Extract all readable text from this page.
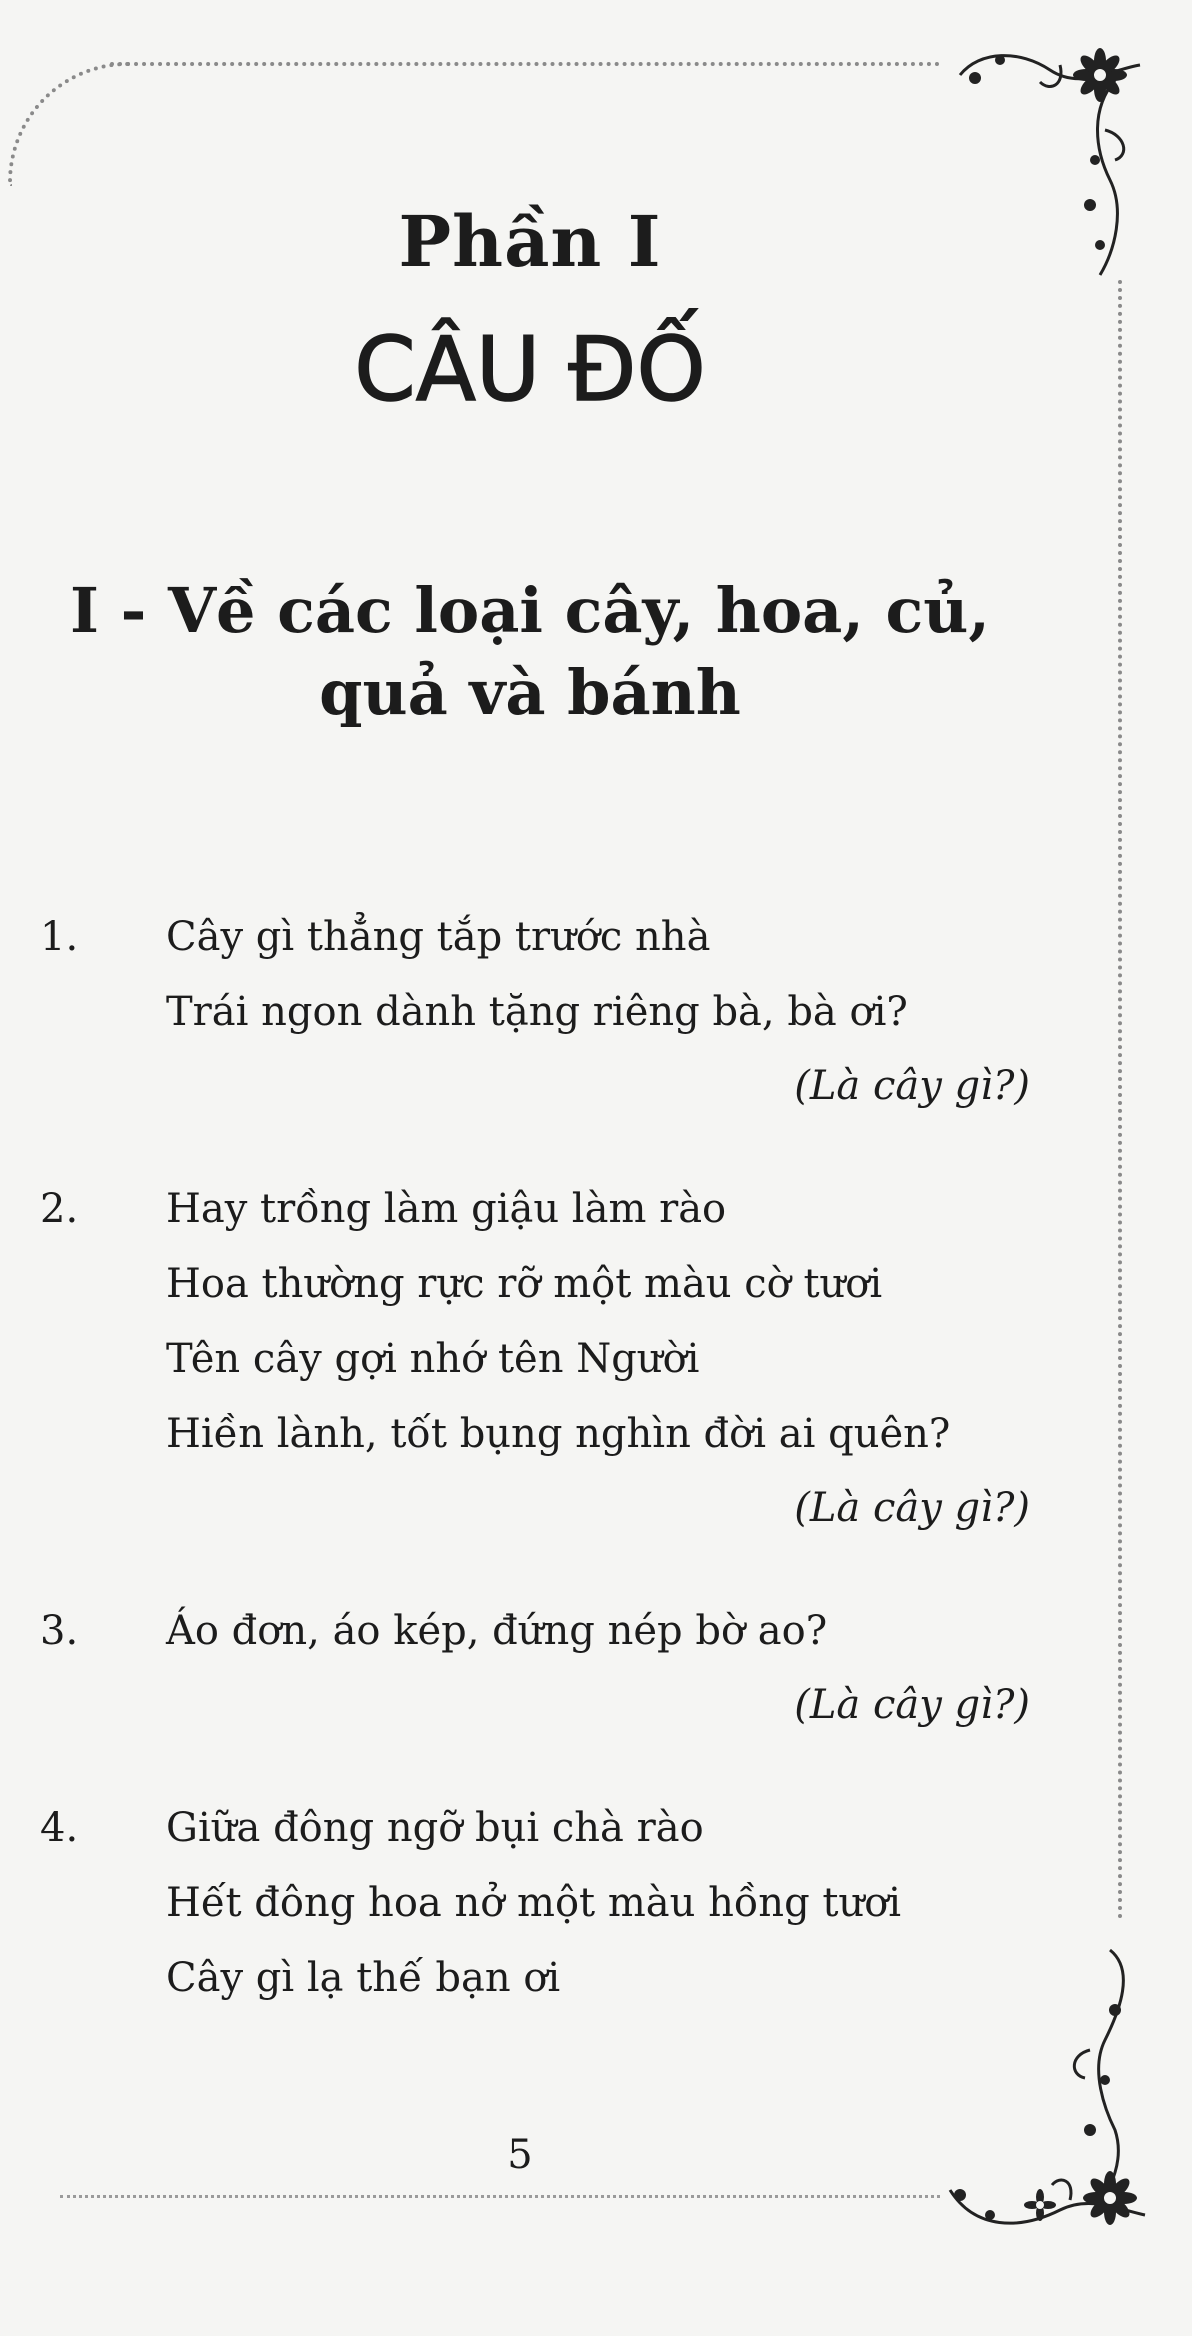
Phần I
CÂU ĐỐ
I - Về các loại cây, hoa, củ,
quả và bánh
1. Cây gì thẳng tắp trước nhà
Trái ngon dành tặng riêng bà, bà ơi?
(Là cây gì?)
2. Hay trồng làm giậu làm rào
Hoa thường rực rỡ một màu cờ tươi
Tên cây gợi nhớ tên Người
Hiền lành, tốt bụng nghìn đời ai quên?
(Là cây gì?)
3. Áo đơn, áo kép, đứng nép bờ ao?
(Là cây gì?)
4. Giữa đông ngỡ bụi chà rào
Hết đông hoa nở một màu hồng tươi
Cây gì lạ thế bạn ơi
5
